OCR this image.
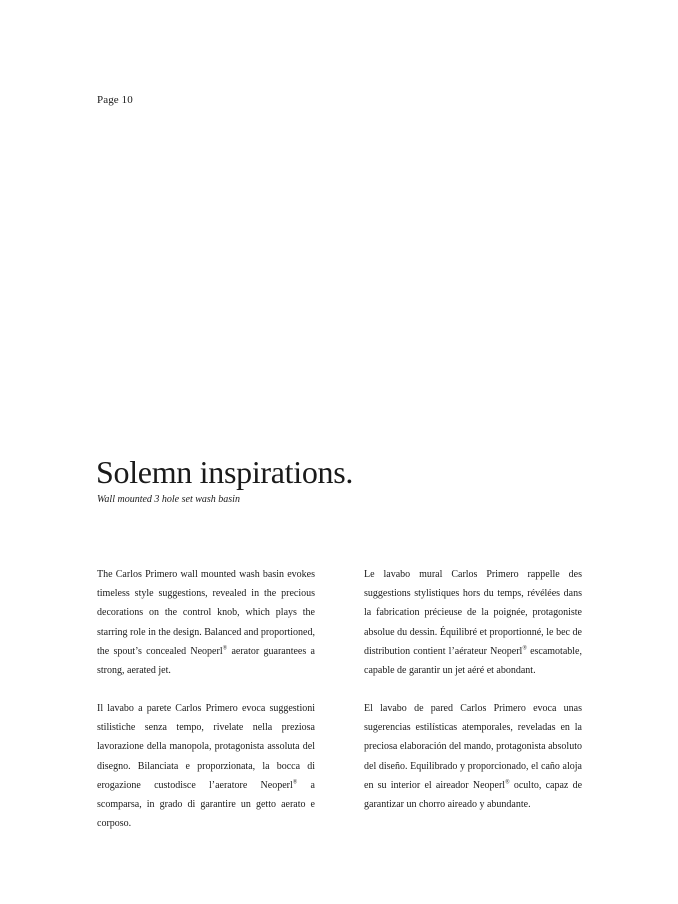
Page 10
Solemn inspirations.

Wall mounted 3 hole set wash basin

The Carlos Primero wall mounted wash basin evokes timeless style suggestions, revealed in the precious decorations on the control knob, which plays the starring role in the design. Balanced and proportioned, the spout’s concealed Neoperl® aerator guarantees a strong, aerated jet.

Il lavabo a parete Carlos Primero evoca suggestioni stilistiche senza tempo, rivelate nella preziosa lavorazione della manopola, protagonista assoluta del disegno. Bilanciata e proporzionata, la bocca di erogazione custodisce l’aeratore Neoperl® a scomparsa, in grado di garantire un getto aerato e corposo.

Le lavabo mural Carlos Primero rappelle des suggestions stylistiques hors du temps, révélées dans la fabrication précieuse de la poignée, protagoniste absolue du dessin. Équilibré et proportionné, le bec de distribution contient l’aérateur Neoperl® escamotable, capable de garantir un jet aéré et abondant.

El lavabo de pared Carlos Primero evoca unas sugerencias estilísticas atemporales, reveladas en la preciosa elaboración del mando, protagonista absoluto del diseño. Equilibrado y proporcionado, el caño aloja en su interior el aireador Neoperl® oculto, capaz de garantizar un chorro aireado y abundante.
